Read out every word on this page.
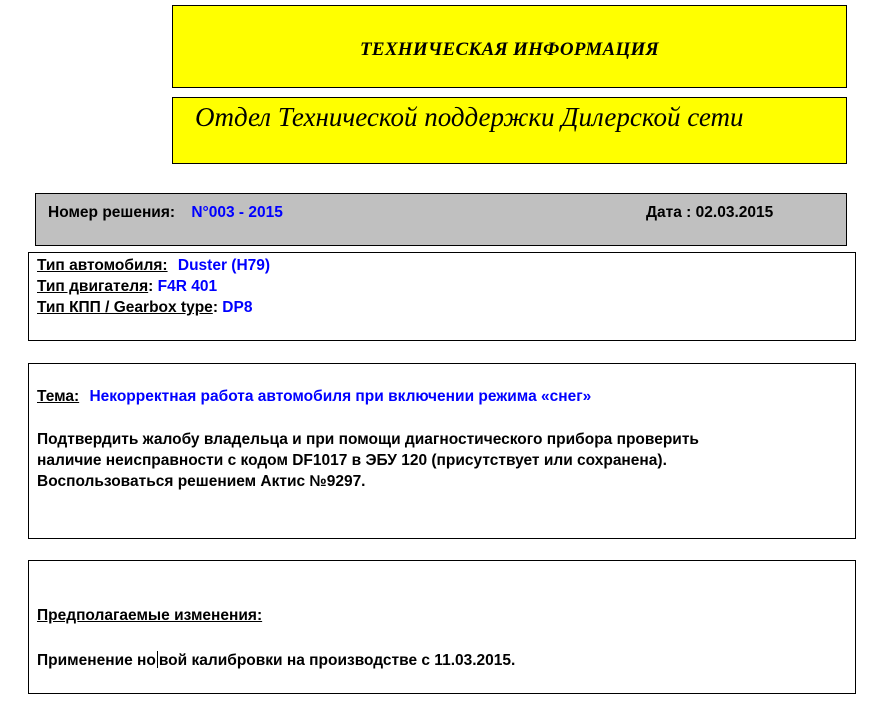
ТЕХНИЧЕСКАЯ ИНФОРМАЦИЯ
Отдел Технической поддержки Дилерской сети
Номер решения: N°003 - 2015	Дата : 02.03.2015
Тип автомобиля: Duster (H79)
Тип двигателя: F4R 401
Тип КПП / Gearbox type: DP8
Тема: Некорректная работа автомобиля при включении режима «снег»
Подтвердить жалобу владельца и при помощи диагностического прибора проверить
наличие неисправности с кодом DF1017 в ЭБУ 120 (присутствует или сохранена).
Воспользоваться решением Актис №9297.
Предполагаемые изменения:
Применение но вой калибровки на производстве с 11.03.2015.
